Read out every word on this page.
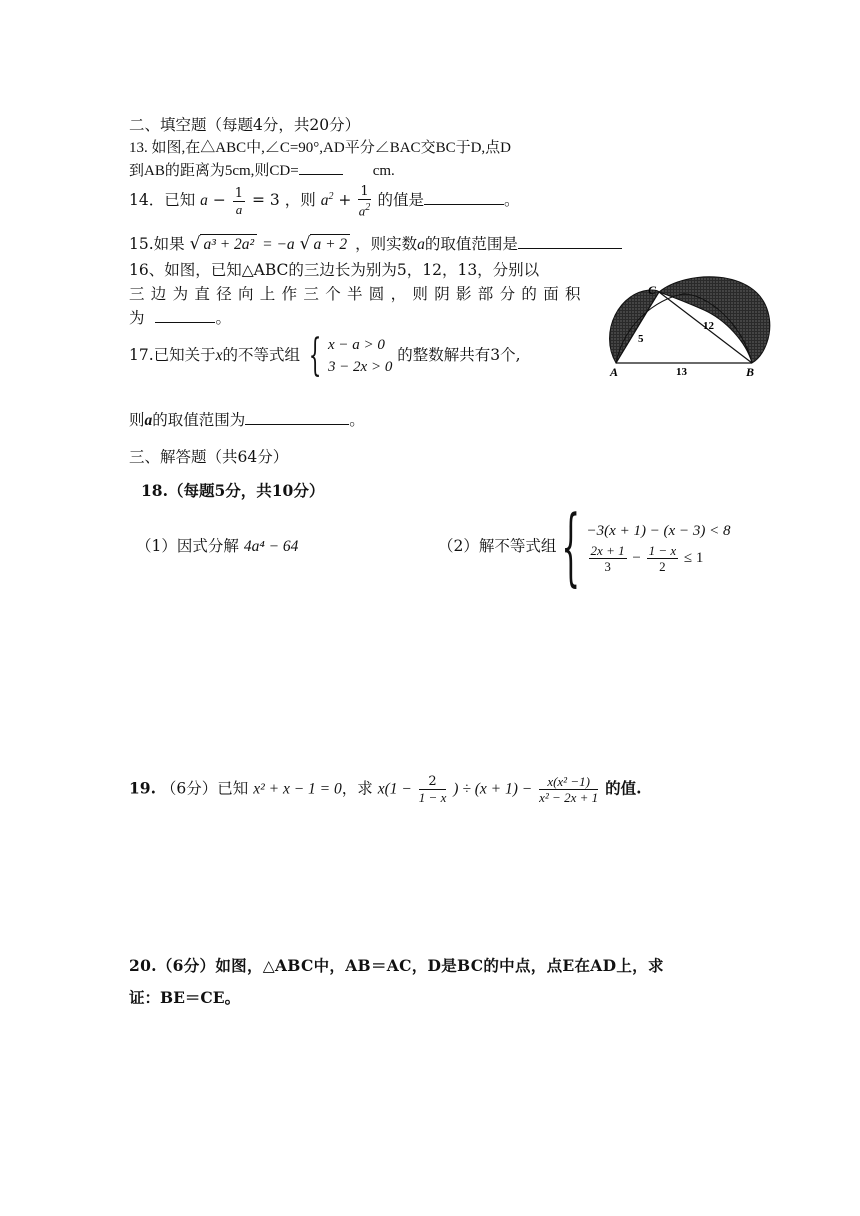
二、填空题（每题4分，共20分）
13. 如图,在△ABC中,∠C=90°,AD平分∠BAC交BC于D,点D
到AB的距离为5cm,则CD=	cm.
14．已知 $a - \frac{1}{a} = 3$ ，则 $a^2 + \frac{1}{a^2}$ 的值是	。
15.如果 √ a³ + 2a² = −a √ a + 2 ，则实数a的取值范围是
16、如图，已知△ABC的三边长为别为5，12，13，分别以
三边为直径向上作三个半圆，则阴影部分的面积
为	。
C
A	B
5
12
13
17.已知关于x的不等式组 { x − a > 0
3 − 2x > 0
的整数解共有3个,
则a的取值范围为	。
三、解答题（共64分）
18.（每题5分，共10分）
（1）因式分解 4a⁴ − 64	（2）解不等式组 { −3(x + 1) − (x − 3) < 8
$\frac{2x + 1}{3} - \frac{1 - x}{2} \le 1$
19. （6分）已知 x² + x − 1 = 0，求 $x(1 - \frac{2}{1 - x}$ ) ÷ $(x + 1) - \frac{\text{x(x² −1)}}{\text{x² − 2x + 1}}$ 的值.
20.（6分）如图，△ABC中，AB＝AC，D是BC的中点，点E在AD上，求
证：BE＝CE。
